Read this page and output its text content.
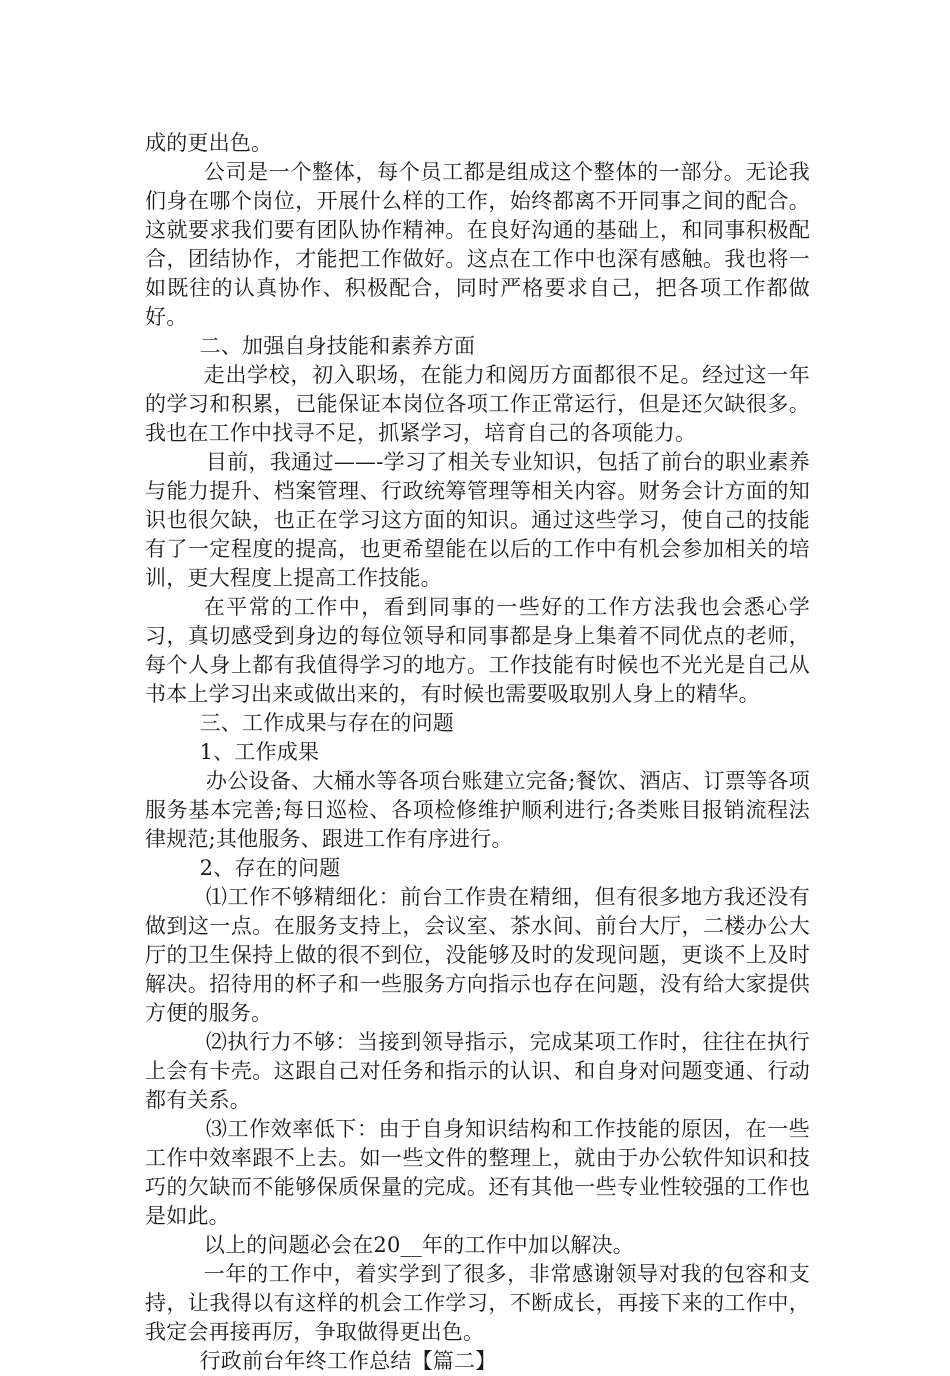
成的更出色。

公司是一个整体，每个员工都是组成这个整体的一部分。无论我们身在哪个岗位，开展什么样的工作，始终都离不开同事之间的配合。这就要求我们要有团队协作精神。在良好沟通的基础上，和同事积极配合，团结协作，才能把工作做好。这点在工作中也深有感触。我也将一如既往的认真协作、积极配合，同时严格要求自己，把各项工作都做好。

二、加强自身技能和素养方面

走出学校，初入职场，在能力和阅历方面都很不足。经过这一年的学习和积累，已能保证本岗位各项工作正常运行，但是还欠缺很多。我也在工作中找寻不足，抓紧学习，培育自己的各项能力。

目前，我通过——-学习了相关专业知识，包括了前台的职业素养与能力提升、档案管理、行政统筹管理等相关内容。财务会计方面的知识也很欠缺，也正在学习这方面的知识。通过这些学习，使自己的技能有了一定程度的提高，也更希望能在以后的工作中有机会参加相关的培训，更大程度上提高工作技能。

在平常的工作中，看到同事的一些好的工作方法我也会悉心学习，真切感受到身边的每位领导和同事都是身上集着不同优点的老师，每个人身上都有我值得学习的地方。工作技能有时候也不光光是自己从书本上学习出来或做出来的，有时候也需要吸取别人身上的精华。

三、工作成果与存在的问题

1、工作成果

办公设备、大桶水等各项台账建立完备;餐饮、酒店、订票等各项服务基本完善;每日巡检、各项检修维护顺利进行;各类账目报销流程法律规范;其他服务、跟进工作有序进行。

2、存在的问题

⑴工作不够精细化：前台工作贵在精细，但有很多地方我还没有做到这一点。在服务支持上，会议室、茶水间、前台大厅，二楼办公大厅的卫生保持上做的很不到位，没能够及时的发现问题，更谈不上及时解决。招待用的杯子和一些服务方向指示也存在问题，没有给大家提供方便的服务。

⑵执行力不够：当接到领导指示，完成某项工作时，往往在执行上会有卡壳。这跟自己对任务和指示的认识、和自身对问题变通、行动都有关系。

⑶工作效率低下：由于自身知识结构和工作技能的原因，在一些工作中效率跟不上去。如一些文件的整理上，就由于办公软件知识和技巧的欠缺而不能够保质保量的完成。还有其他一些专业性较强的工作也是如此。

以上的问题必会在20__年的工作中加以解决。

一年的工作中，着实学到了很多，非常感谢领导对我的包容和支持，让我得以有这样的机会工作学习，不断成长，再接下来的工作中，我定会再接再厉，争取做得更出色。

行政前台年终工作总结【篇二】
